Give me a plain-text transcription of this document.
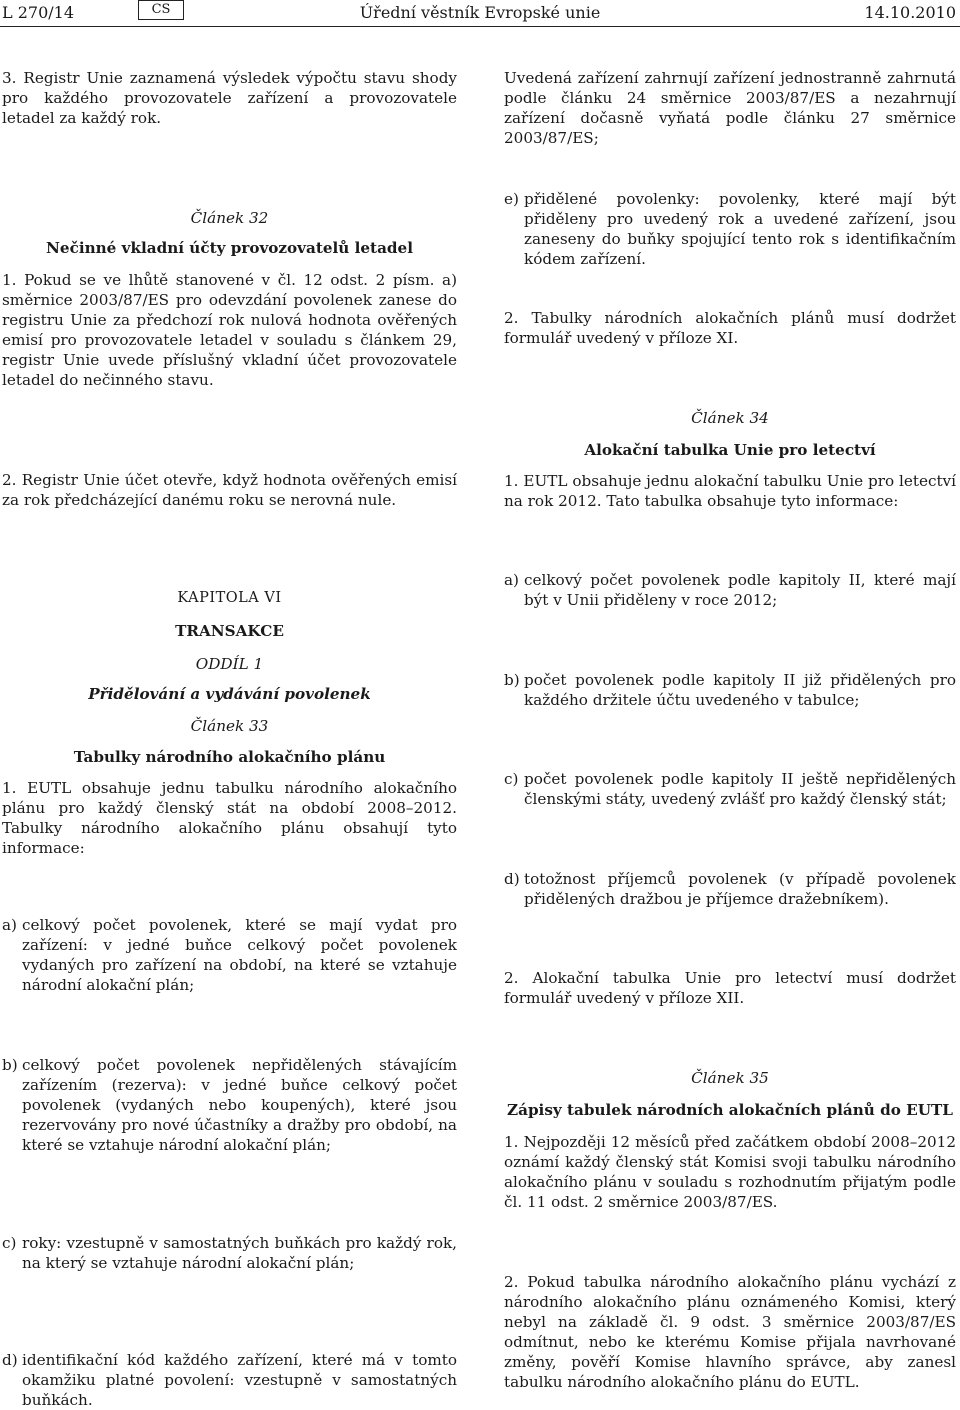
L 270/14	CS	Úřední věstník Evropské unie	14.10.2010
3. Registr Unie zaznamená výsledek výpočtu stavu shody pro každého provozovatele zařízení a provozovatele letadel za každý rok.
Článek 32
Nečinné vkladní účty provozovatelů letadel
1. Pokud se ve lhůtě stanovené v čl. 12 odst. 2 písm. a) směrnice 2003/87/ES pro odevzdání povolenek zanese do registru Unie za předchozí rok nulová hodnota ověřených emisí pro provozovatele letadel v souladu s článkem 29, registr Unie uvede příslušný vkladní účet provozovatele letadel do nečinného stavu.
2. Registr Unie účet otevře, když hodnota ověřených emisí za rok předcházející danému roku se nerovná nule.
KAPITOLA VI
TRANSAKCE
ODDÍL 1
Přidělování a vydávání povolenek
Článek 33
Tabulky národního alokačního plánu
1. EUTL obsahuje jednu tabulku národního alokačního plánu pro každý členský stát na období 2008–2012. Tabulky národního alokačního plánu obsahují tyto informace:
a) celkový počet povolenek, které se mají vydat pro zařízení: v jedné buňce celkový počet povolenek vydaných pro zařízení na období, na které se vztahuje národní alokační plán;
b) celkový počet povolenek nepřidělených stávajícím zařízením (rezerva): v jedné buňce celkový počet povolenek (vydaných nebo koupených), které jsou rezervovány pro nové účastníky a dražby pro období, na které se vztahuje národní alokační plán;
c) roky: vzestupně v samostatných buňkách pro každý rok, na který se vztahuje národní alokační plán;
d) identifikační kód každého zařízení, které má v tomto okamžiku platné povolení: vzestupně v samostatných buňkách.
Uvedená zařízení zahrnují zařízení jednostranně zahrnutá podle článku 24 směrnice 2003/87/ES a nezahrnují zařízení dočasně vyňatá podle článku 27 směrnice 2003/87/ES;
e) přidělené povolenky: povolenky, které mají být přiděleny pro uvedený rok a uvedené zařízení, jsou zaneseny do buňky spojující tento rok s identifikačním kódem zařízení.
2. Tabulky národních alokačních plánů musí dodržet formulář uvedený v příloze XI.
Článek 34
Alokační tabulka Unie pro letectví
1. EUTL obsahuje jednu alokační tabulku Unie pro letectví na rok 2012. Tato tabulka obsahuje tyto informace:
a) celkový počet povolenek podle kapitoly II, které mají být v Unii přiděleny v roce 2012;
b) počet povolenek podle kapitoly II již přidělených pro každého držitele účtu uvedeného v tabulce;
c) počet povolenek podle kapitoly II ještě nepřidělených členskými státy, uvedený zvlášť pro každý členský stát;
d) totožnost příjemců povolenek (v případě povolenek přidělených dražbou je příjemce dražebníkem).
2. Alokační tabulka Unie pro letectví musí dodržet formulář uvedený v příloze XII.
Článek 35
Zápisy tabulek národních alokačních plánů do EUTL
1. Nejpozději 12 měsíců před začátkem období 2008–2012 oznámí každý členský stát Komisi svoji tabulku národního alokačního plánu v souladu s rozhodnutím přijatým podle čl. 11 odst. 2 směrnice 2003/87/ES.
2. Pokud tabulka národního alokačního plánu vychází z národního alokačního plánu oznámeného Komisi, který nebyl na základě čl. 9 odst. 3 směrnice 2003/87/ES odmítnut, nebo ke kterému Komise přijala navrhované změny, pověří Komise hlavního správce, aby zanesl tabulku národního alokačního plánu do EUTL.
